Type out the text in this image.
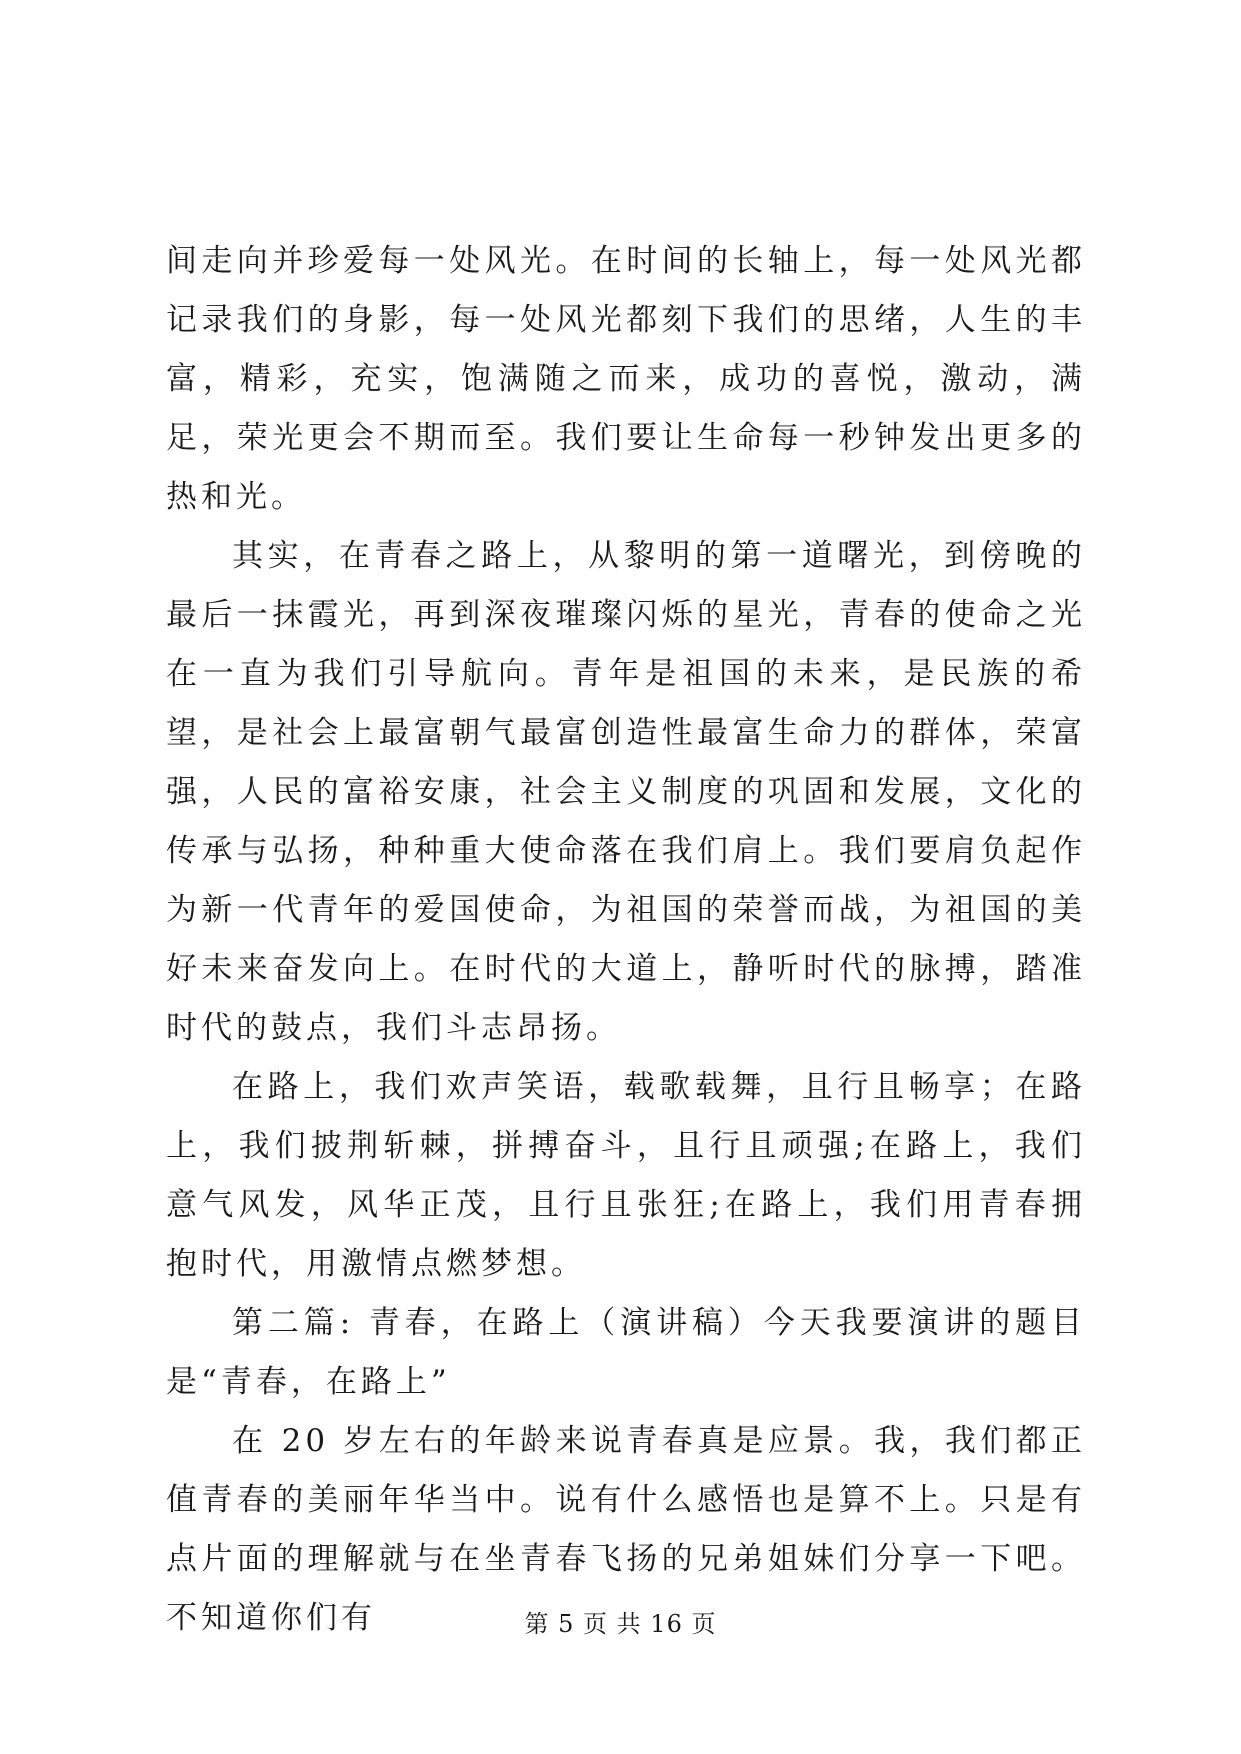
间走向并珍爱每一处风光。在时间的长轴上，每一处风光都记录我们的身影，每一处风光都刻下我们的思绪，人生的丰富，精彩，充实，饱满随之而来，成功的喜悦，激动，满足，荣光更会不期而至。我们要让生命每一秒钟发出更多的热和光。

其实，在青春之路上，从黎明的第一道曙光，到傍晚的最后一抹霞光，再到深夜璀璨闪烁的星光，青春的使命之光在一直为我们引导航向。青年是祖国的未来，是民族的希望，是社会上最富朝气最富创造性最富生命力的群体，荣富强，人民的富裕安康，社会主义制度的巩固和发展，文化的传承与弘扬，种种重大使命落在我们肩上。我们要肩负起作为新一代青年的爱国使命，为祖国的荣誉而战，为祖国的美好未来奋发向上。在时代的大道上，静听时代的脉搏，踏准时代的鼓点，我们斗志昂扬。

在路上，我们欢声笑语，载歌载舞，且行且畅享；在路上，我们披荆斩棘，拼搏奋斗，且行且顽强;在路上，我们意气风发，风华正茂，且行且张狂;在路上，我们用青春拥抱时代，用激情点燃梦想。

第二篇: 青春，在路上（演讲稿）今天我要演讲的题目是“青春，在路上”

在 20 岁左右的年龄来说青春真是应景。我，我们都正值青春的美丽年华当中。说有什么感悟也是算不上。只是有点片面的理解就与在坐青春飞扬的兄弟姐妹们分享一下吧。不知道你们有	第 5 页 共 16 页
